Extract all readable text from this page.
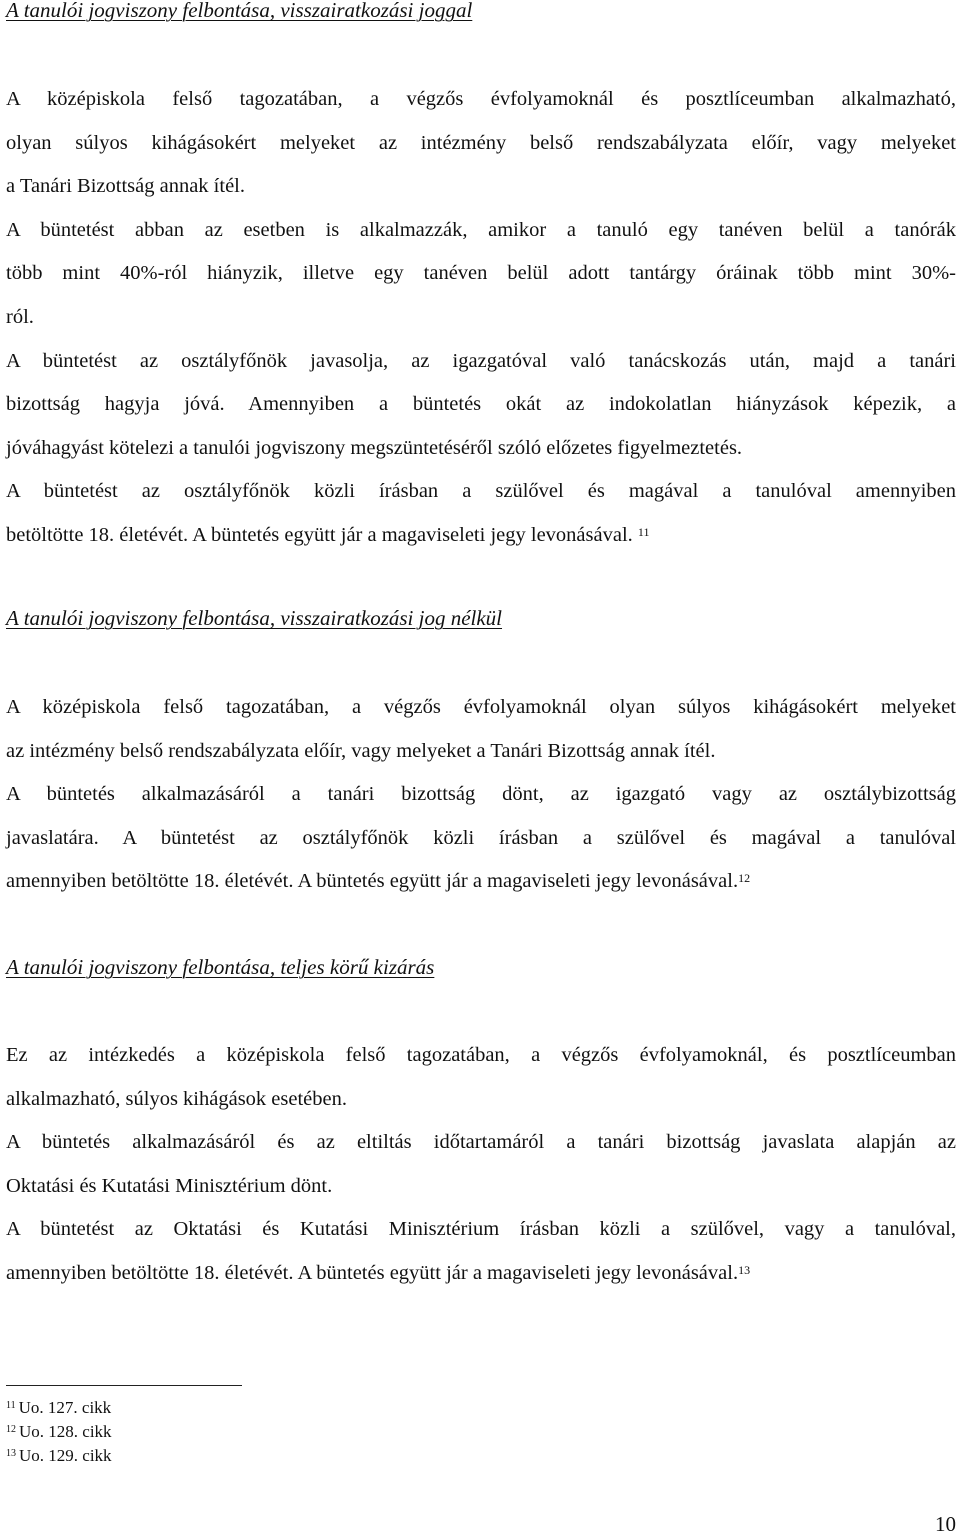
A tanulói jogviszony felbontása, visszairatkozási joggal
A középiskola felső tagozatában, a végzős évfolyamoknál és posztlíceumban alkalmazható,
olyan súlyos kihágásokért melyeket az intézmény belső rendszabályzata előír, vagy melyeket
a Tanári Bizottság annak ítél.
A büntetést abban az esetben is alkalmazzák, amikor a tanuló egy tanéven belül a tanórák
több mint 40%-ról hiányzik, illetve egy tanéven belül adott tantárgy óráinak több mint 30%-
ról.
A büntetést az osztályfőnök javasolja, az igazgatóval való tanácskozás után, majd a tanári
bizottság hagyja jóvá. Amennyiben a büntetés okát az indokolatlan hiányzások képezik, a
jóváhagyást kötelezi a tanulói jogviszony megszüntetéséről szóló előzetes figyelmeztetés.
A büntetést az osztályfőnök közli írásban a szülővel és magával a tanulóval amennyiben
betöltötte 18. életévét. A büntetés együtt jár a magaviseleti jegy levonásával. $^{11}$
A tanulói jogviszony felbontása, visszairatkozási jog nélkül
A középiskola felső tagozatában, a végzős évfolyamoknál olyan súlyos kihágásokért melyeket
az intézmény belső rendszabályzata előír, vagy melyeket a Tanári Bizottság annak ítél.
A büntetés alkalmazásáról a tanári bizottság dönt, az igazgató vagy az osztálybizottság
javaslatára. A büntetést az osztályfőnök közli írásban a szülővel és magával a tanulóval
amennyiben betöltötte 18. életévét. A büntetés együtt jár a magaviseleti jegy levonásával.$^{12}$
A tanulói jogviszony felbontása, teljes körű kizárás
Ez az intézkedés a középiskola felső tagozatában, a végzős évfolyamoknál, és posztlíceumban
alkalmazható, súlyos kihágások esetében.
A büntetés alkalmazásáról és az eltiltás időtartamáról a tanári bizottság javaslata alapján az
Oktatási és Kutatási Minisztérium dönt.
A büntetést az Oktatási és Kutatási Minisztérium írásban közli a szülővel, vagy a tanulóval,
amennyiben betöltötte 18. életévét. A büntetés együtt jár a magaviseleti jegy levonásával.$^{13}$
$^{11}$ Uo. 127. cikk
$^{12}$ Uo. 128. cikk
$^{13}$ Uo. 129. cikk
10
